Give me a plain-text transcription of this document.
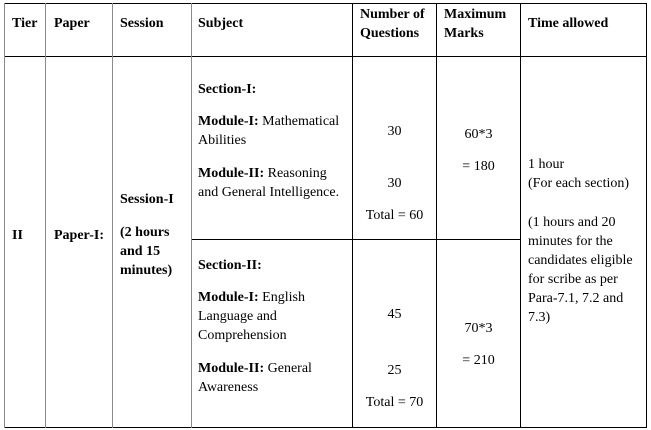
Tier Paper Session Subject
Number of
Questions
Maximum
Marks
Time allowed
II Paper-I:
Session-I
(2 hours
and 15
minutes)
Section-I:
Module-I: Mathematical
Abilities
Module-II: Reasoning
and General Intelligence.
30
30
Total = 60
60*3
= 180
Section-II:
Module-I: English
Language and
Comprehension
Module-II: General
Awareness
45
25
Total = 70
70*3
= 210
1 hour
(For each section)
(1 hours and 20
minutes for the
candidates eligible
for scribe as per
Para-7.1, 7.2 and
7.3)
